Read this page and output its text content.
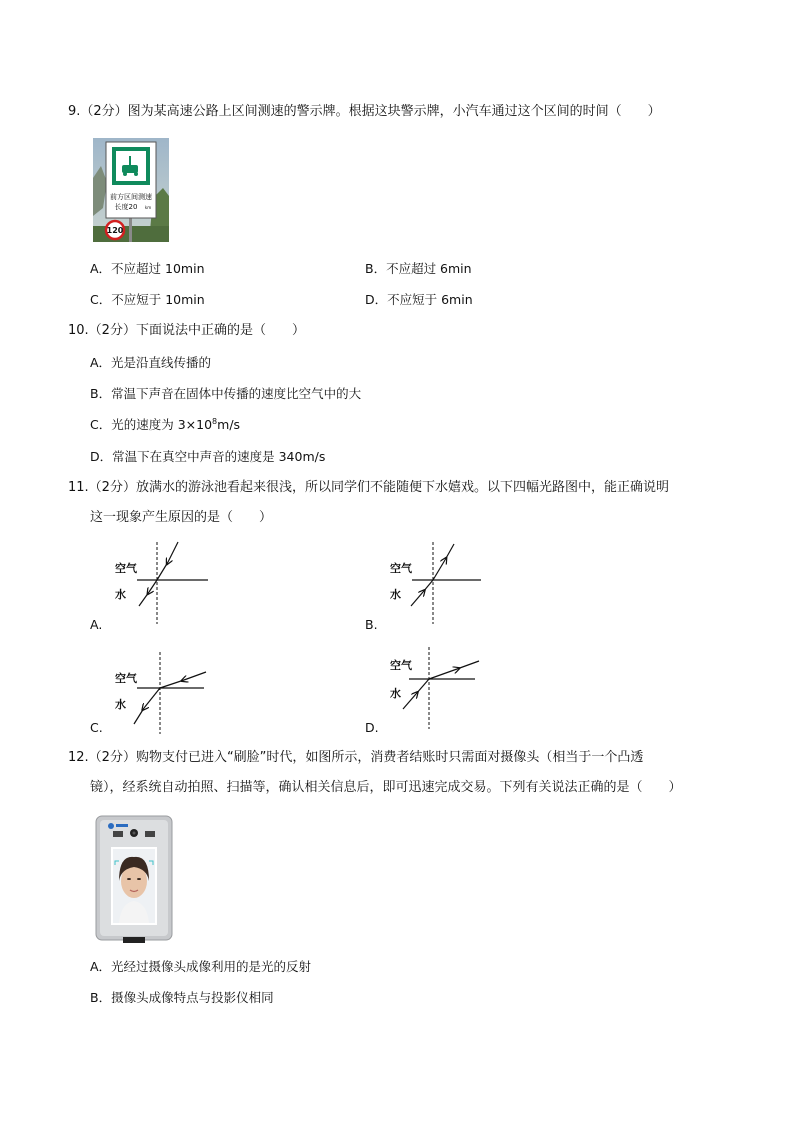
9.（2分）图为某高速公路上区间测速的警示牌。根据这块警示牌，小汽车通过这个区间的时间（　　）
前方区间测速
长度20 km
120
A．不应超过 10min	B．不应超过 6min
C．不应短于 10min	D．不应短于 6min
10.（2分）下面说法中正确的是（　　）
A．光是沿直线传播的
B．常温下声音在固体中传播的速度比空气中的大
C．光的速度为 $3\times 10^8m/s$
D．常温下在真空中声音的速度是 340m/s
11.（2分）放满水的游泳池看起来很浅，所以同学们不能随便下水嬉戏。以下四幅光路图中，能正确说明
这一现象产生原因的是（　　）
空气
水
A.
空气
水
B.
空气
水
C.
空气
水
D.
12.（2分）购物支付已进入“刷脸”时代，如图所示，消费者结账时只需面对摄像头（相当于一个凸透
镜），经系统自动拍照、扫描等，确认相关信息后，即可迅速完成交易。下列有关说法正确的是（　　）
A．光经过摄像头成像利用的是光的反射
B．摄像头成像特点与投影仪相同
